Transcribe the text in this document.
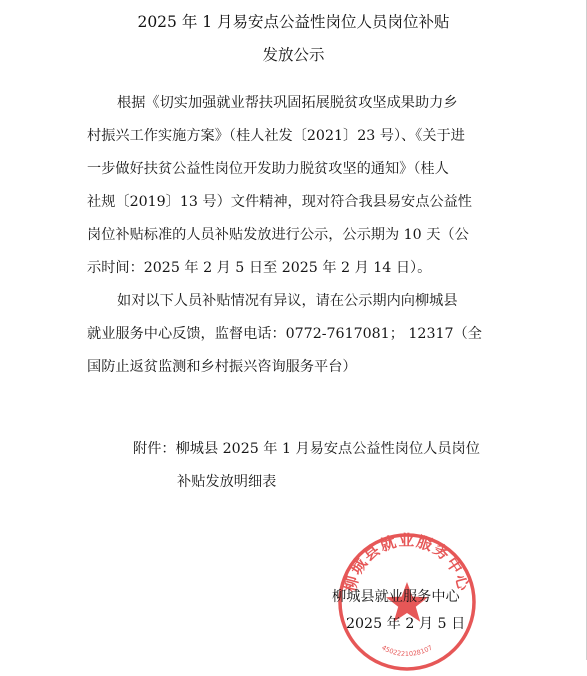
2025 年 1 月易安点公益性岗位人员岗位补贴
发放公示
根据《切实加强就业帮扶巩固拓展脱贫攻坚成果助力乡
村振兴工作实施方案》（桂人社发〔2021〕23 号）、《关于进
一步做好扶贫公益性岗位开发助力脱贫攻坚的通知》（桂人
社规〔2019〕13 号）文件精神，现对符合我县易安点公益性
岗位补贴标准的人员补贴发放进行公示，公示期为 10 天（公
示时间：2025 年 2 月 5 日至 2025 年 2 月 14 日）。
如对以下人员补贴情况有异议，请在公示期内向柳城县
就业服务中心反馈，监督电话：0772-7617081； 12317（全
国防止返贫监测和乡村振兴咨询服务平台）
附件：柳城县 2025 年 1 月易安点公益性岗位人员岗位
补贴发放明细表
柳城县就业服务中心
4502221028107
柳城县就业服务中心
2025 年 2 月 5 日
